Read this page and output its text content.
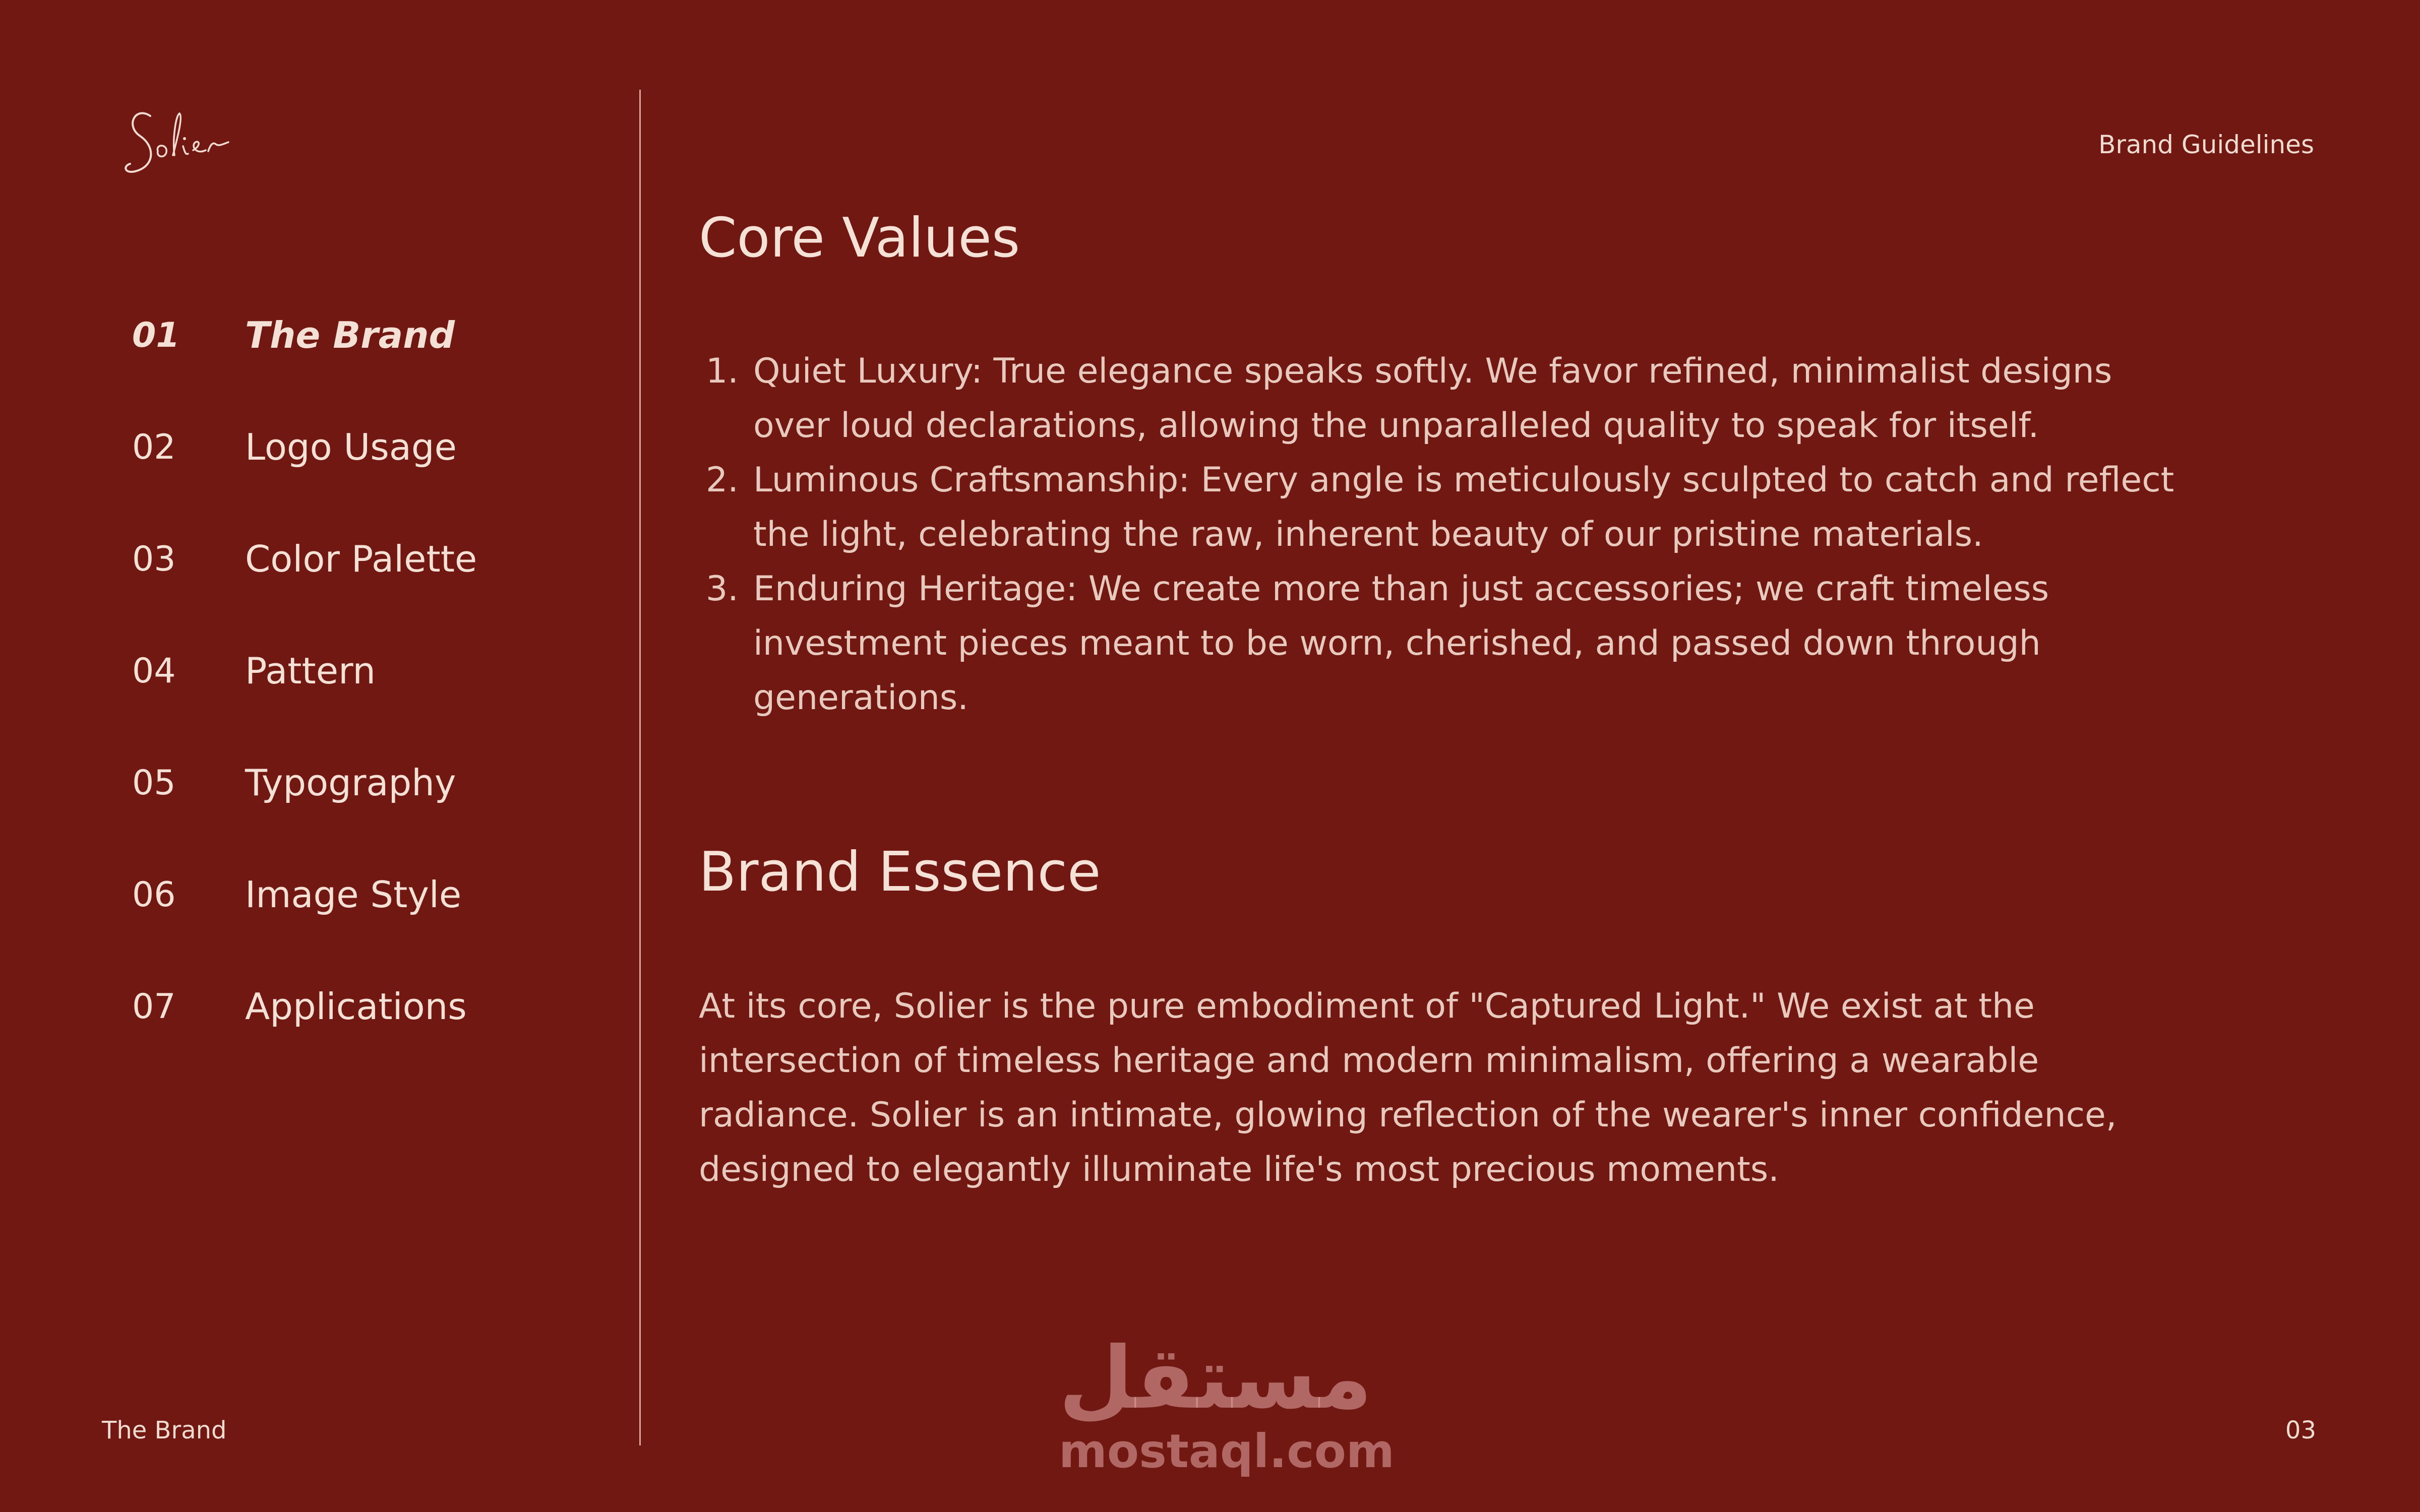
Brand Guidelines
01	The Brand
02	Logo Usage
03	Color Palette
04	Pattern
05	Typography
06	Image Style
07	Applications
Core Values
1. Quiet Luxury: True elegance speaks softly. We favor refined, minimalist designs over loud declarations, allowing the unparalleled quality to speak for itself.
2. Luminous Craftsmanship: Every angle is meticulously sculpted to catch and reflect the light, celebrating the raw, inherent beauty of our pristine materials.
3. Enduring Heritage: We create more than just accessories; we craft timeless investment pieces meant to be worn, cherished, and passed down through generations.
Brand Essence

At its core, Solier is the pure embodiment of "Captured Light." We exist at the intersection of timeless heritage and modern minimalism, offering a wearable radiance. Solier is an intimate, glowing reflection of the wearer's inner confidence, designed to elegantly illuminate life's most precious moments.

The Brand	03
مستقل
mostaql.com
